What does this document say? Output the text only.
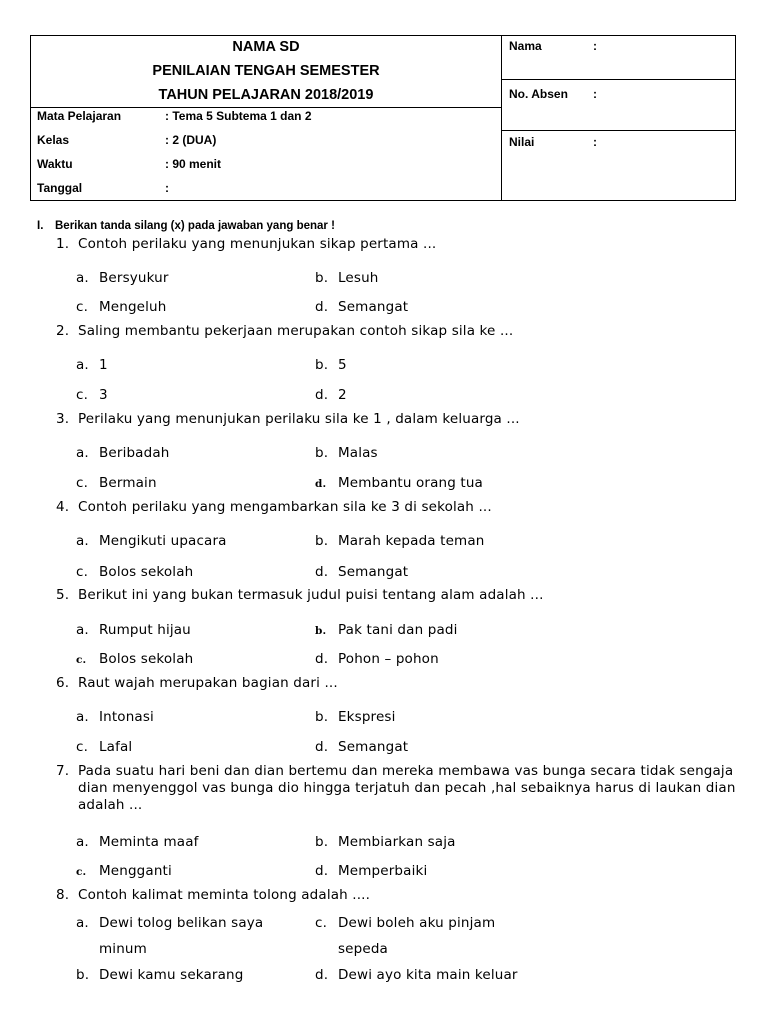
NAMA SD
PENILAIAN TENGAH SEMESTER
TAHUN PELAJARAN 2018/2019
Mata Pelajaran	: Tema 5 Subtema 1 dan 2
Kelas	: 2 (DUA)
Waktu	: 90 menit
Tanggal	:
Nama	:
No. Absen :
Nilai	:
I. Berikan tanda silang (x) pada jawaban yang benar !
1. Contoh perilaku yang menunjukan sikap pertama ...
a. Bersyukur	b. Lesuh
c. Mengeluh	d. Semangat
2. Saling membantu pekerjaan merupakan contoh sikap sila ke ...
a. 1	b. 5
c. 3	d. 2
3. Perilaku yang menunjukan perilaku sila ke 1 , dalam keluarga ...
a. Beribadah	b. Malas
c. Bermain	d. Membantu orang tua
4. Contoh perilaku yang mengambarkan sila ke 3 di sekolah ...
a. Mengikuti upacara	b. Marah kepada teman
c. Bolos sekolah	d. Semangat
5. Berikut ini yang bukan termasuk judul puisi tentang alam adalah ...
a. Rumput hijau	b. Pak tani dan padi
c. Bolos sekolah	d. Pohon – pohon
6. Raut wajah merupakan bagian dari ...
a. Intonasi	b. Ekspresi
c. Lafal	d. Semangat
7. Pada suatu hari beni dan dian bertemu dan mereka membawa vas bunga secara tidak sengaja dian menyenggol vas bunga dio hingga terjatuh dan pecah ,hal sebaiknya harus di laukan dian adalah ...
a. Meminta maaf	b. Membiarkan saja
c. Mengganti	d. Memperbaiki
8. Contoh kalimat meminta tolong adalah ....
a. Dewi tolog belikan saya
minum
c. Dewi boleh aku pinjam
sepeda
b. Dewi kamu sekarang	d. Dewi ayo kita main keluar
